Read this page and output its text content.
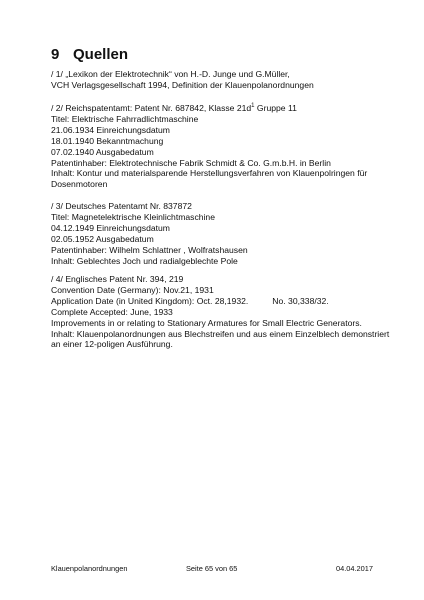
9 Quellen
/ 1/ „Lexikon der Elektrotechnik“ von H.-D. Junge und G.Müller,
VCH Verlagsgesellschaft 1994, Definition der Klauenpolanordnungen
/ 2/ Reichspatentamt: Patent Nr. 687842, Klasse $21d^1$ Gruppe 11
Titel: Elektrische Fahrradlichtmaschine
21.06.1934 Einreichungsdatum
18.01.1940 Bekanntmachung
07.02.1940 Ausgabedatum
Patentinhaber: Elektrotechnische Fabrik Schmidt & Co. G.m.b.H. in Berlin
Inhalt: Kontur und materialsparende Herstellungsverfahren von Klauenpolringen für Dosenmotoren
/ 3/ Deutsches Patentamt Nr. 837872
Titel: Magnetelektrische Kleinlichtmaschine
04.12.1949 Einreichungsdatum
02.05.1952 Ausgabedatum
Patentinhaber: Wilhelm Schlattner , Wolfratshausen
Inhalt: Geblechtes Joch und radialgeblechte Pole
/ 4/ Englisches Patent Nr. 394, 219
Convention Date (Germany): Nov.21, 1931
Application Date (in United Kingdom): Oct. 28,1932.	No. 30,338/32.
Complete Accepted: June, 1933
Improvements in or relating to Stationary Armatures for Small Electric Generators.
Inhalt: Klauenpolanordnungen aus Blechstreifen und aus einem Einzelblech demonstriert an einer 12-poligen Ausführung.
Klauenpolanordnungen	Seite 65 von 65	04.04.2017
